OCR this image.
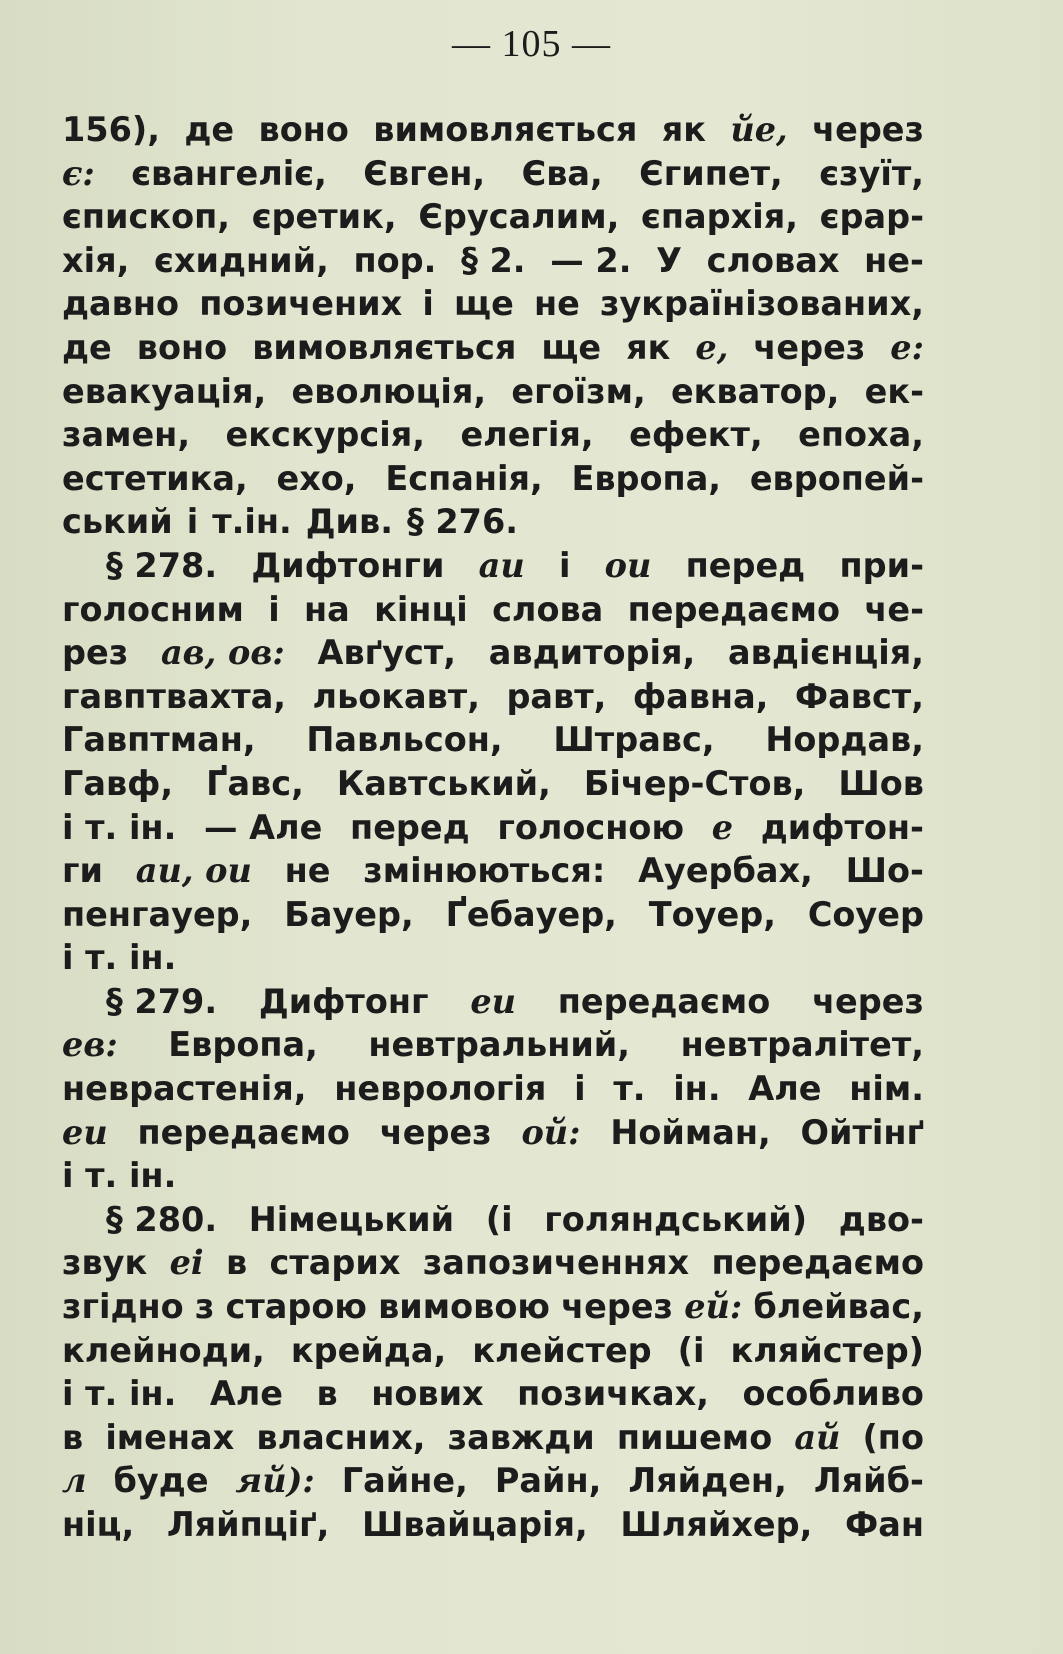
— 105 —
156), де воно вимовляється як йе, через
є: євангеліє, Євген, Єва, Єгипет, єзуїт,
єпископ, єретик, Єрусалим, єпархія, єрар-
хія, єхидний, пор. § 2. — 2. У словах не-
давно позичених і ще не зукраїнізованих,
де воно вимовляється ще як е, через е:
евакуація, еволюція, егоїзм, екватор, ек-
замен, екскурсія, елегія, ефект, епоха,
естетика, ехо, Еспанія, Европа, европей-
ський і т.ін. Див. § 276.
§ 278. Дифтонги au і ou перед при-
голосним і на кінці слова передаємо че-
рез ав, ов: Авґуст, авдиторія, авдієнція,
гавптвахта, льокавт, равт, фавна, Фавст,
Гавптман, Павльсон, Штравс, Нордав,
Гавф, Ґавс, Кавтський, Бічер-Стов, Шов
і т. ін. — Але перед голосною е дифтон-
ги au, ou не змінюються: Ауербах, Шо-
пенгауер, Бауер, Ґебауер, Тоуер, Соуер
і т. ін.
§ 279. Дифтонг eu передаємо через
ев: Европа, невтральний, невтралітет,
неврастенія, неврологія і т. ін. Але нім.
eu передаємо через ой: Нойман, Ойтінґ
і т. ін.
§ 280. Німецький (і голяндський) дво-
звук ei в старих запозиченнях передаємо
згідно з старою вимовою через ей: блейвас,
клейноди, крейда, клейстер (і кляйстер)
і т. ін. Але в нових позичках, особливо
в іменах власних, завжди пишемо ай (по
л буде яй): Гайне, Райн, Ляйден, Ляйб-
ніц, Ляйпціґ, Швайцарія, Шляйхер, Фан
